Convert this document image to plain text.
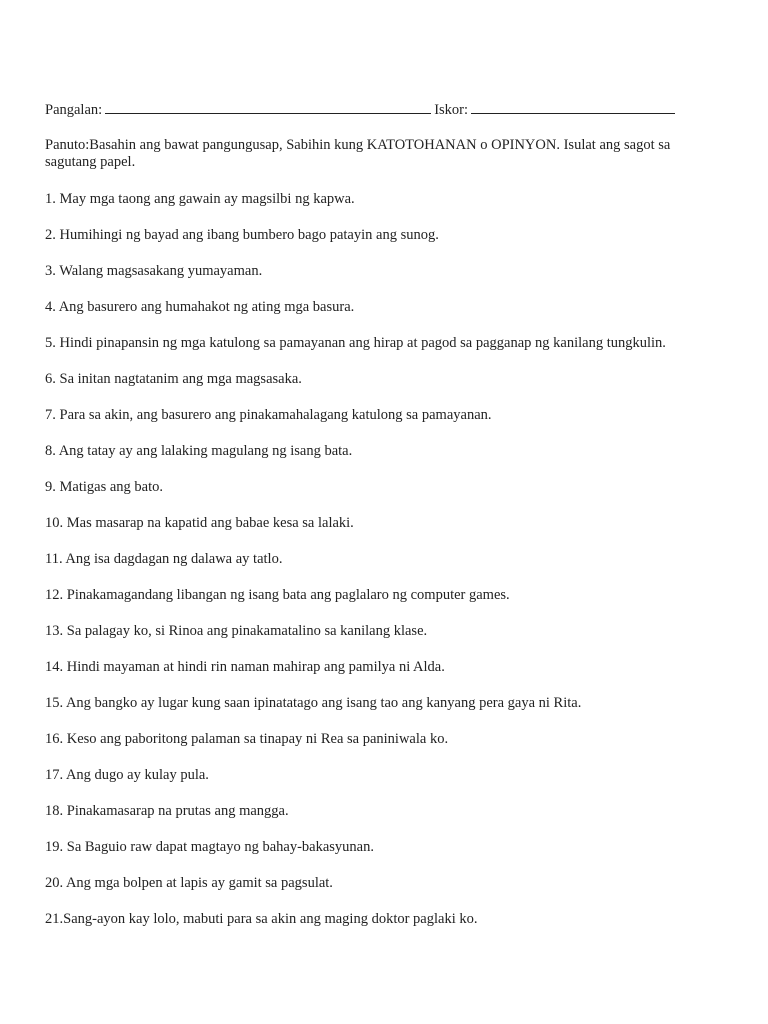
Pangalan:	Iskor:
Panuto:Basahin ang bawat pangungusap, Sabihin kung KATOTOHANAN o OPINYON. Isulat ang sagot sa sagutang papel.
1. May mga taong ang gawain ay magsilbi ng kapwa.
2. Humihingi ng bayad ang ibang bumbero bago patayin ang sunog.
3. Walang magsasakang yumayaman.
4. Ang basurero ang humahakot ng ating mga basura.
5. Hindi pinapansin ng mga katulong sa pamayanan ang hirap at pagod sa pagganap ng kanilang tungkulin.
6. Sa initan nagtatanim ang mga magsasaka.
7. Para sa akin, ang basurero ang pinakamahalagang katulong sa pamayanan.
8. Ang tatay ay ang lalaking magulang ng isang bata.
9. Matigas ang bato.
10. Mas masarap na kapatid ang babae kesa sa lalaki.
11. Ang isa dagdagan ng dalawa ay tatlo.
12. Pinakamagandang libangan ng isang bata ang paglalaro ng computer games.
13. Sa palagay ko, si Rinoa ang pinakamatalino sa kanilang klase.
14. Hindi mayaman at hindi rin naman mahirap ang pamilya ni Alda.
15. Ang bangko ay lugar kung saan ipinatatago ang isang tao ang kanyang pera gaya ni Rita.
16. Keso ang paboritong palaman sa tinapay ni Rea sa paniniwala ko.
17. Ang dugo ay kulay pula.
18. Pinakamasarap na prutas ang mangga.
19. Sa Baguio raw dapat magtayo ng bahay-bakasyunan.
20. Ang mga bolpen at lapis ay gamit sa pagsulat.
21.Sang-ayon kay lolo, mabuti para sa akin ang maging doktor paglaki ko.
